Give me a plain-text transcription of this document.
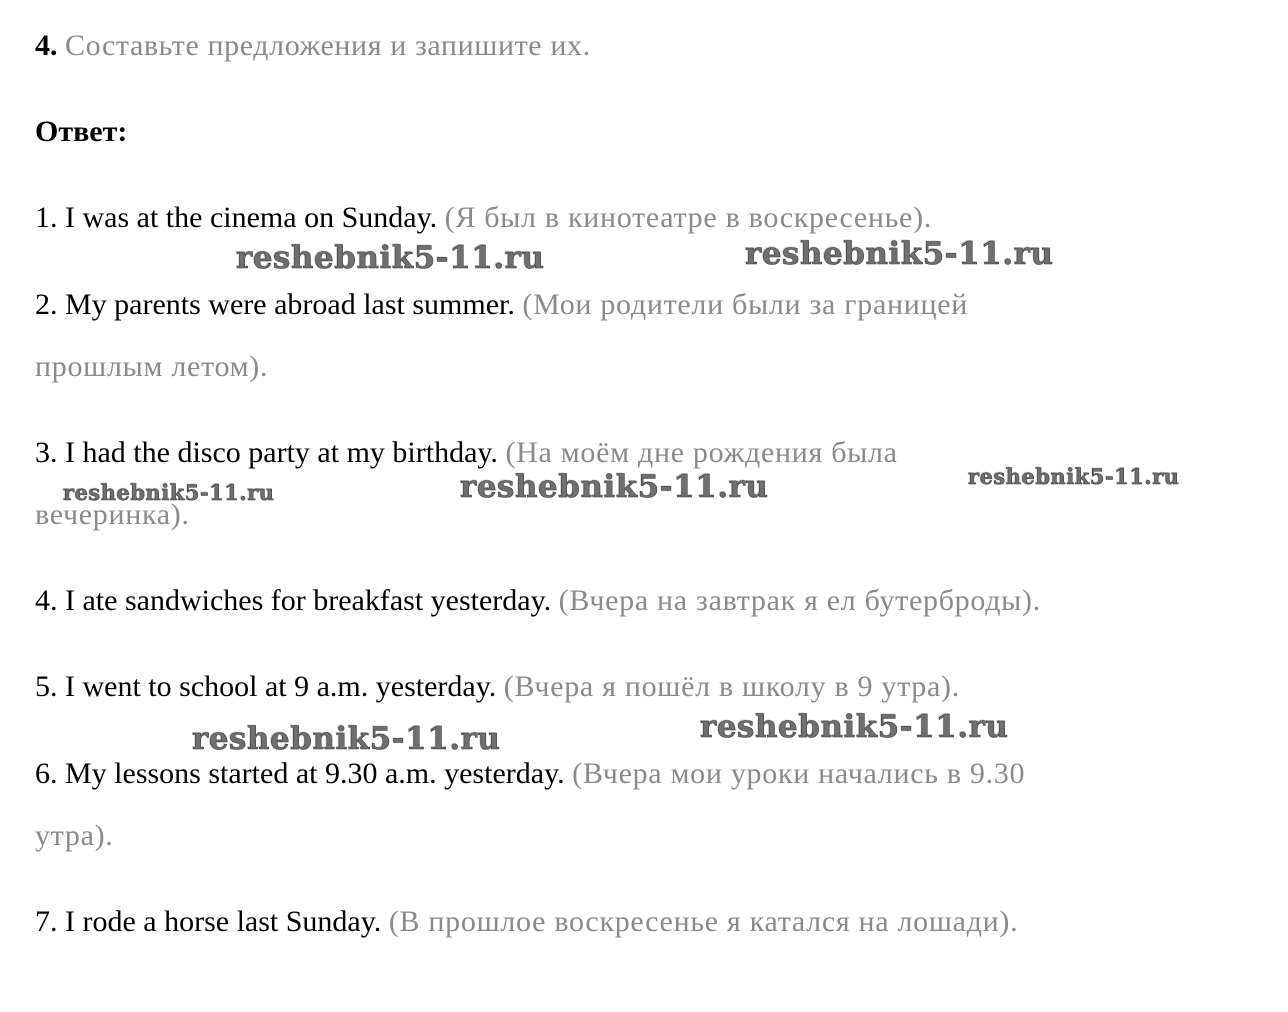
4. Составьте предложения и запишите их.
Ответ:
1. I was at the cinema on Sunday. (Я был в кинотеатре в воскресенье).
2. My parents were abroad last summer. (Мои родители были за границей
прошлым летом).
3. I had the disco party at my birthday. (На моём дне рождения была
вечеринка).
4. I ate sandwiches for breakfast yesterday. (Вчера на завтрак я ел бутерброды).
5. I went to school at 9 a.m. yesterday. (Вчера я пошёл в школу в 9 утра).
6. My lessons started at 9.30 a.m. yesterday. (Вчера мои уроки начались в 9.30
утра).
7. I rode a horse last Sunday. (В прошлое воскресенье я катался на лошади).
reshebnik5-11.ru	reshebnik5-11.ru
reshebnik5-11.ru	reshebnik5-11.ru	reshebnik5-11.ru
reshebnik5-11.ru	reshebnik5-11.ru
